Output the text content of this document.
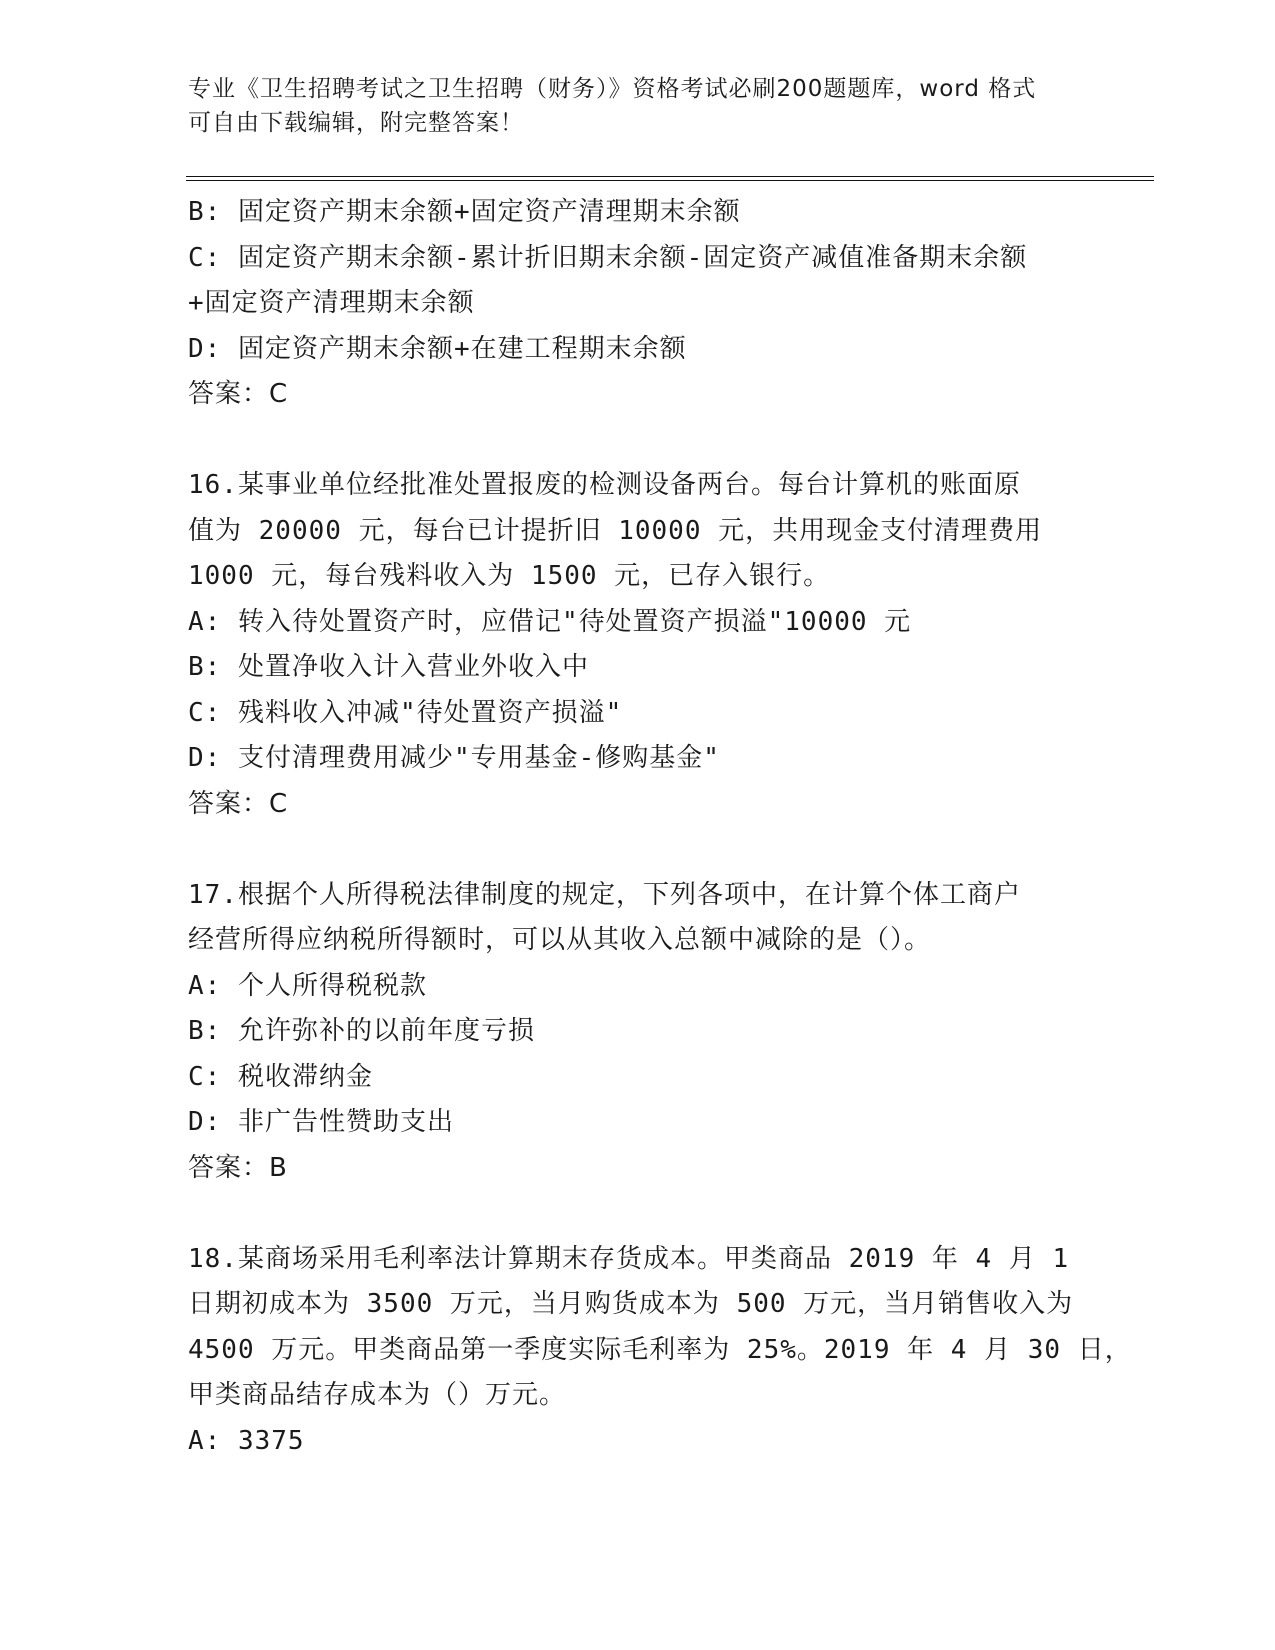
专业《卫生招聘考试之卫生招聘（财务）》资格考试必刷200题题库，word 格式
可自由下载编辑，附完整答案！
B: 固定资产期末余额+固定资产清理期末余额
C: 固定资产期末余额-累计折旧期末余额-固定资产减值准备期末余额
+固定资产清理期末余额
D: 固定资产期末余额+在建工程期末余额
答案：C
16.某事业单位经批准处置报废的检测设备两台。每台计算机的账面原
值为 20000 元，每台已计提折旧 10000 元，共用现金支付清理费用
1000 元，每台残料收入为 1500 元，已存入银行。
A: 转入待处置资产时，应借记"待处置资产损溢"10000 元
B: 处置净收入计入营业外收入中
C: 残料收入冲减"待处置资产损溢"
D: 支付清理费用减少"专用基金-修购基金"
答案：C
17.根据个人所得税法律制度的规定，下列各项中，在计算个体工商户
经营所得应纳税所得额时，可以从其收入总额中减除的是（）。
A: 个人所得税税款
B: 允许弥补的以前年度亏损
C: 税收滞纳金
D: 非广告性赞助支出
答案：B
18.某商场采用毛利率法计算期末存货成本。甲类商品 2019 年 4 月 1
日期初成本为 3500 万元，当月购货成本为 500 万元，当月销售收入为
4500 万元。甲类商品第一季度实际毛利率为 25%。2019 年 4 月 30 日，
甲类商品结存成本为（）万元。
A: 3375
